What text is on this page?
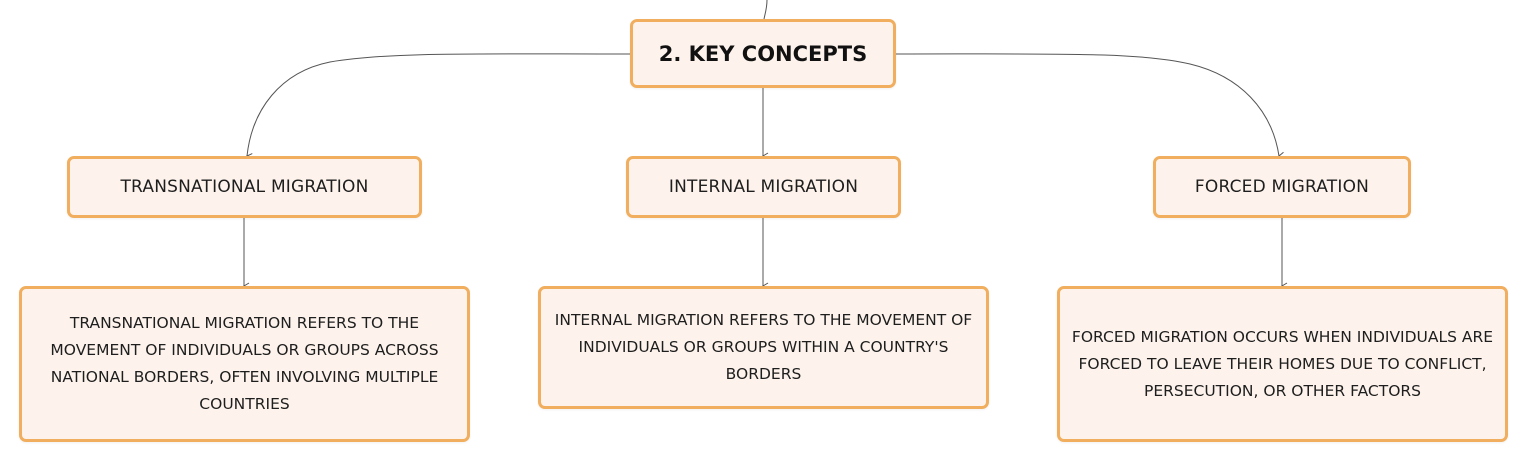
2. KEY CONCEPTS
TRANSNATIONAL MIGRATION	INTERNAL MIGRATION	FORCED MIGRATION
TRANSNATIONAL MIGRATION REFERS TO THE MOVEMENT OF INDIVIDUALS OR GROUPS ACROSS NATIONAL BORDERS, OFTEN INVOLVING MULTIPLE COUNTRIES
INTERNAL MIGRATION REFERS TO THE MOVEMENT OF INDIVIDUALS OR GROUPS WITHIN A COUNTRY'S BORDERS
FORCED MIGRATION OCCURS WHEN INDIVIDUALS ARE FORCED TO LEAVE THEIR HOMES DUE TO CONFLICT, PERSECUTION, OR OTHER FACTORS
